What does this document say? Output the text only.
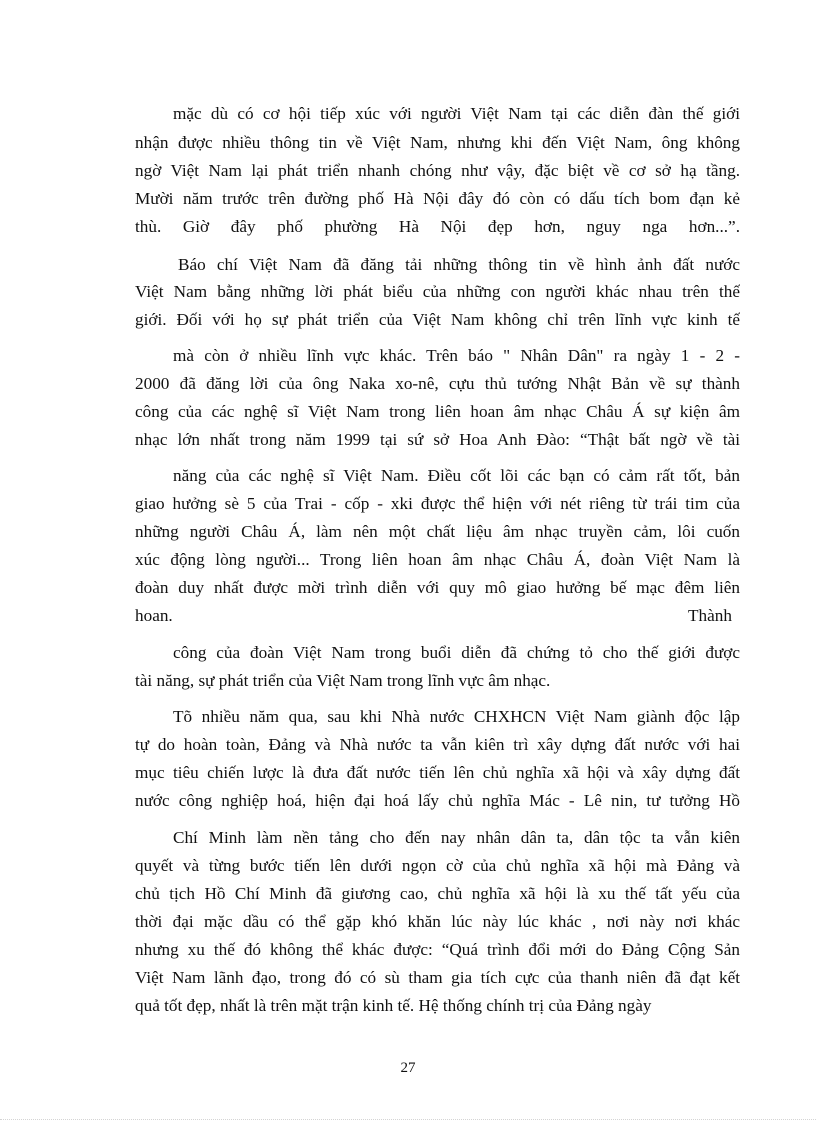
mặc dù có cơ hội tiếp xúc với người Việt Nam tại các diễn đàn thế giới
nhận được nhiều thông tin về Việt Nam, nhưng khi đến Việt Nam, ông không
ngờ Việt Nam lại phát triển nhanh chóng như vậy, đặc biệt về cơ sở hạ tầng.
Mười năm trước trên đường phố Hà Nội đây đó còn có dấu tích bom đạn kẻ
thù. Giờ đây phố phường Hà Nội đẹp hơn, nguy nga hơn...”.
Báo chí Việt Nam đã đăng tải những thông tin về hình ảnh đất nước
Việt Nam bằng những lời phát biểu của những con người khác nhau trên thế
giới. Đối với họ sự phát triển của Việt Nam không chỉ trên lĩnh vực kinh tế
mà còn ở nhiều lĩnh vực khác. Trên báo " Nhân Dân" ra ngày 1 - 2 -
2000 đã đăng lời của ông Naka xo-nê, cựu thủ tướng Nhật Bản về sự thành
công của các nghệ sĩ Việt Nam trong liên hoan âm nhạc Châu Á sự kiện âm
nhạc lớn nhất trong năm 1999 tại sứ sở Hoa Anh Đào: “Thật bất ngờ về tài
năng của các nghệ sĩ Việt Nam. Điều cốt lõi các bạn có cảm rất tốt, bản
giao hưởng sè 5 của Trai - cốp - xki được thể hiện với nét riêng từ trái tim của
những người Châu Á, làm nên một chất liệu âm nhạc truyền cảm, lôi cuốn
xúc động lòng người... Trong liên hoan âm nhạc Châu Á, đoàn Việt Nam là
đoàn duy nhất được mời trình diễn với quy mô giao hưởng bế mạc đêm liên
hoan.	Thành
công của đoàn Việt Nam trong buổi diễn đã chứng tỏ cho thế giới được
tài năng, sự phát triển của Việt Nam trong lĩnh vực âm nhạc.
Tõ nhiều năm qua, sau khi Nhà nước CHXHCN Việt Nam giành độc lập
tự do hoàn toàn, Đảng và Nhà nước ta vẫn kiên trì xây dựng đất nước với hai
mục tiêu chiến lược là đưa đất nước tiến lên chủ nghĩa xã hội và xây dựng đất
nước công nghiệp hoá, hiện đại hoá lấy chủ nghĩa Mác - Lê nin, tư tưởng Hồ
Chí Minh làm nền tảng cho đến nay nhân dân ta, dân tộc ta vẫn kiên
quyết và từng bước tiến lên dưới ngọn cờ của chủ nghĩa xã hội mà Đảng và
chủ tịch Hồ Chí Minh đã giương cao, chủ nghĩa xã hội là xu thế tất yếu của
thời đại mặc dầu có thể gặp khó khăn lúc này lúc khác , nơi này nơi khác
nhưng xu thế đó không thể khác được: “Quá trình đổi mới do Đảng Cộng Sản
Việt Nam lãnh đạo, trong đó có sù tham gia tích cực của thanh niên đã đạt kết
quả tốt đẹp, nhất là trên mặt trận kinh tế. Hệ thống chính trị của Đảng ngày
27
